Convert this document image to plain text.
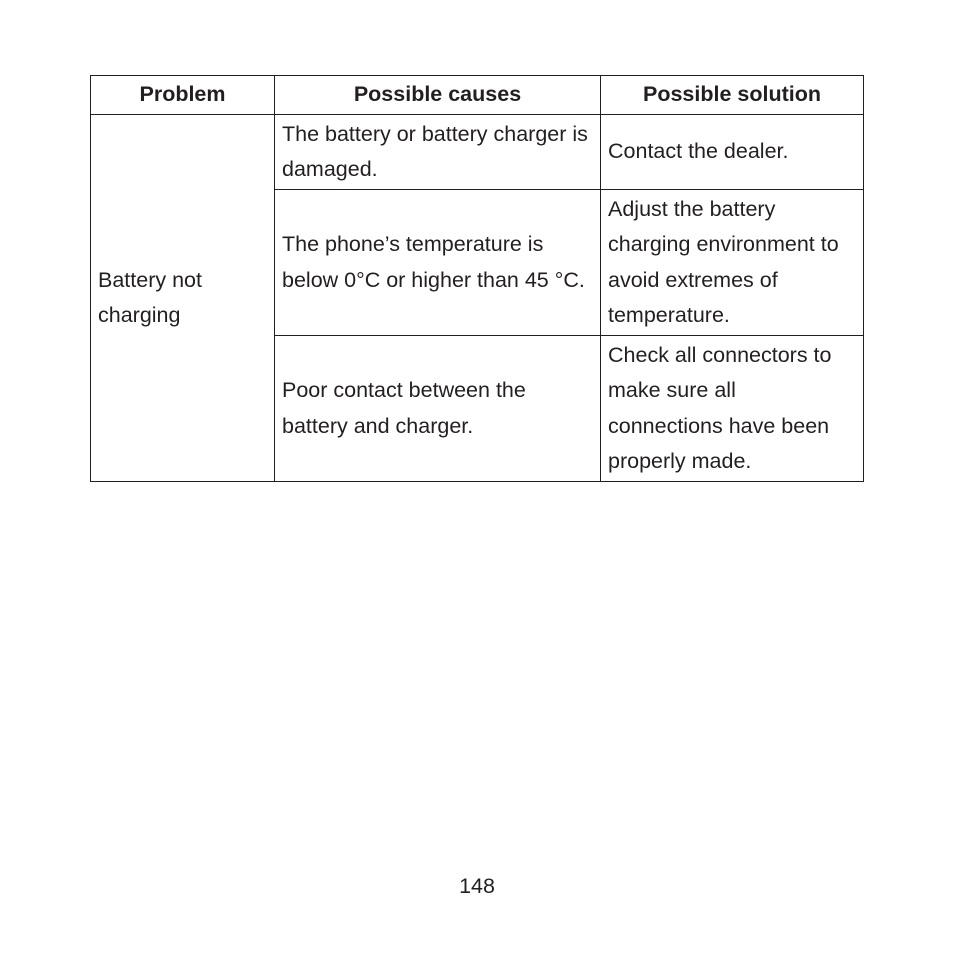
Problem	Possible causes	Possible solution
Battery not charging	The battery or battery charger is damaged.	Contact the dealer.
	The phone’s temperature is below 0°C or higher than 45 °C.	Adjust the battery charging environment to avoid extremes of temperature.
	Poor contact between the battery and charger.	Check all connectors to make sure all connections have been properly made.
148
